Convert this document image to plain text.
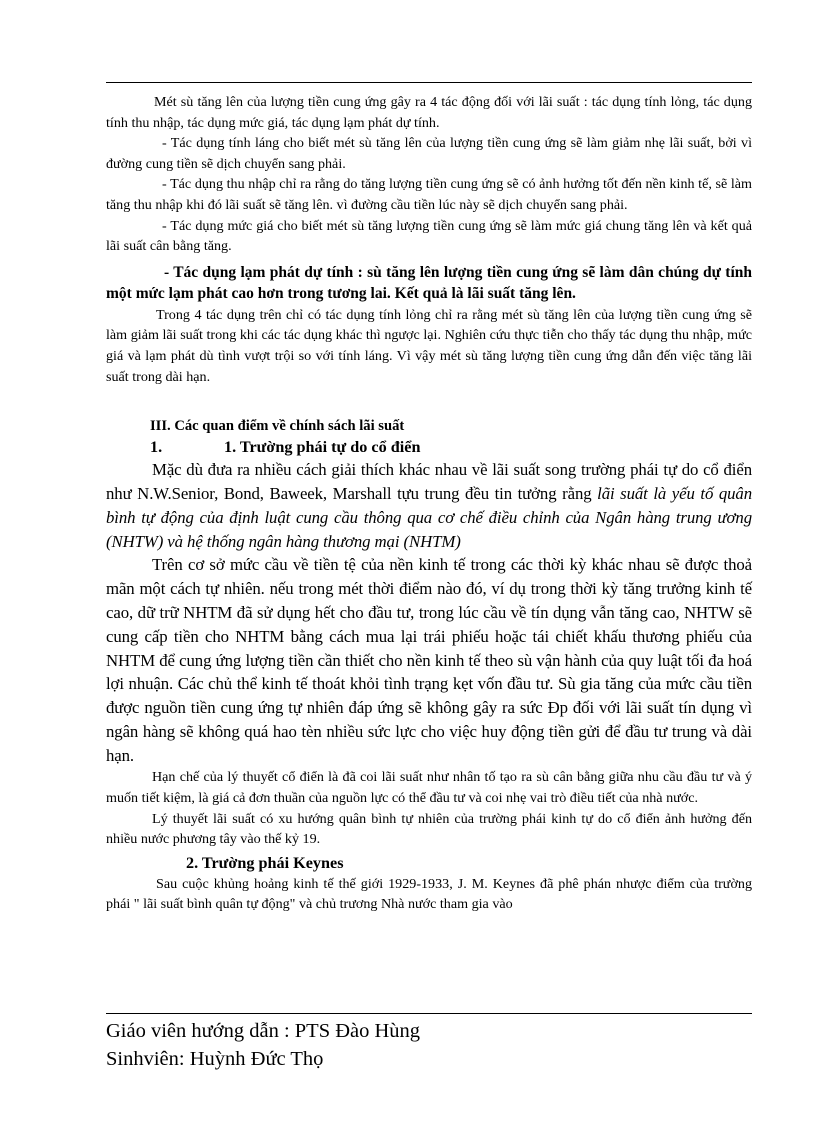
Mét sù tăng lên của lượng tiền cung ứng gây ra 4 tác động đối với lãi suất : tác dụng tính lỏng, tác dụng tính thu nhập, tác dụng mức giá, tác dụng lạm phát dự tính.

- Tác dụng tính láng cho biết mét sù tăng lên của lượng tiền cung ứng sẽ làm giảm nhẹ lãi suất, bởi vì đường cung tiền sẽ dịch chuyển sang phải.

- Tác dụng thu nhập chỉ ra rằng do tăng lượng tiền cung ứng sẽ có ảnh hưởng tốt đến nền kinh tế, sẽ làm tăng thu nhập khi đó lãi suất sẽ tăng lên. vì đường cầu tiền lúc này sẽ dịch chuyển sang phải.

- Tác dụng mức giá cho biết mét sù tăng lượng tiền cung ứng sẽ làm mức giá chung tăng lên và kết quả lãi suất cân bằng tăng.

- Tác dụng lạm phát dự tính : sù tăng lên lượng tiền cung ứng sẽ làm dân chúng dự tính một mức lạm phát cao hơn trong tương lai. Kết quả là lãi suất tăng lên.

Trong 4 tác dụng trên chỉ có tác dụng tính lỏng chỉ ra rằng mét sù tăng lên của lượng tiền cung ứng sẽ làm giảm lãi suất trong khi các tác dụng khác thì ngược lại. Nghiên cứu thực tiễn cho thấy tác dụng thu nhập, mức giá và lạm phát dù tình vượt trội so với tính láng. Vì vậy mét sù tăng lượng tiền cung ứng dẫn đến việc tăng lãi suất trong dài hạn.

III. Các quan điểm về chính sách lãi suất

1.	1. Trường phái tự do cổ điển

Mặc dù đưa ra nhiều cách giải thích khác nhau về lãi suất song trường phái tự do cổ điển như N.W.Senior, Bond, Baweek, Marshall tựu trung đều tin tưởng rằng lãi suất là yếu tố quân bình tự động của định luật cung cầu thông qua cơ chế điều chỉnh của Ngân hàng trung ương (NHTW) và hệ thống ngân hàng thương mại (NHTM)

Trên cơ sở mức cầu về tiền tệ của nền kinh tế trong các thời kỳ khác nhau sẽ được thoả mãn một cách tự nhiên. nếu trong mét thời điểm nào đó, ví dụ trong thời kỳ tăng trưởng kinh tế cao, dữ trữ NHTM đã sử dụng hết cho đầu tư, trong lúc cầu về tín dụng vẫn tăng cao, NHTW sẽ cung cấp tiền cho NHTM bằng cách mua lại trái phiếu hoặc tái chiết khấu thương phiếu của NHTM để cung ứng lượng tiền cần thiết cho nền kinh tế theo sù vận hành của quy luật tối đa hoá lợi nhuận. Các chủ thể kinh tế thoát khỏi tình trạng kẹt vốn đầu tư. Sù gia tăng của mức cầu tiền được nguồn tiền cung ứng tự nhiên đáp ứng sẽ không gây ra sức Đp đối với lãi suất tín dụng vì ngân hàng sẽ không quá hao tèn nhiều sức lực cho việc huy động tiền gửi để đầu tư trung và dài hạn.

Hạn chế của lý thuyết cổ điển là đã coi lãi suất như nhân tố tạo ra sù cân bằng giữa nhu cầu đầu tư và ý muốn tiết kiệm, là giá cả đơn thuần của nguồn lực có thể đầu tư và coi nhẹ vai trò điều tiết của nhà nước.

Lý thuyết lãi suất có xu hướng quân bình tự nhiên của trường phái kinh tự do cổ điển ảnh hưởng đến nhiều nước phương tây vào thế kỷ 19.

2. Trường phái Keynes

Sau cuộc khủng hoảng kinh tế thế giới 1929-1933, J. M. Keynes đã phê phán nhược điểm của trường phái " lãi suất bình quân tự động" và chủ trương Nhà nước tham gia vào

Giáo viên hướng dẫn : PTS Đào Hùng
Sinhviên: Huỳnh Đức Thọ
